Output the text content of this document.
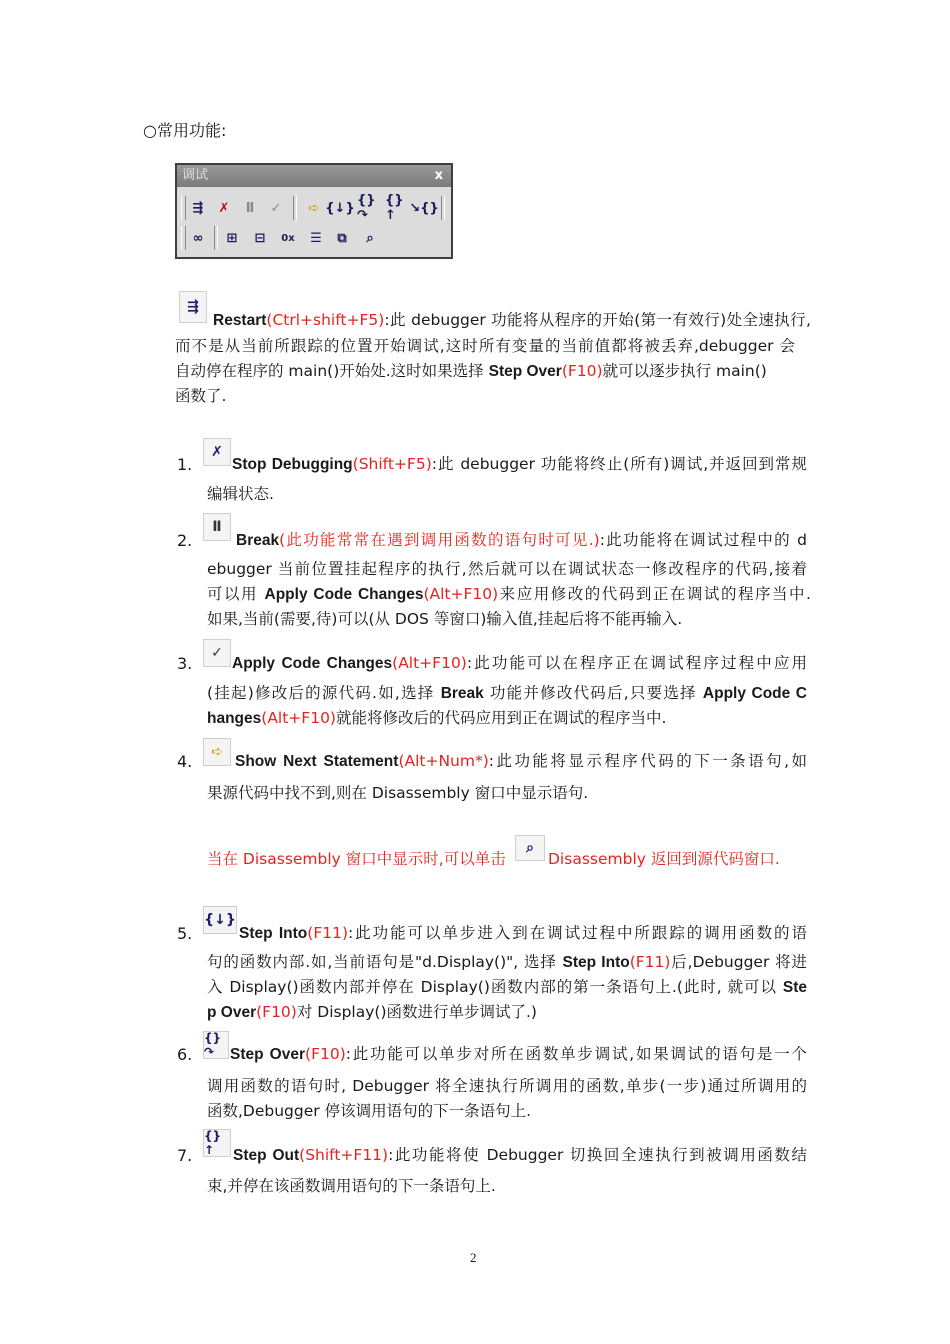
○常用功能:
调试	x
⇶	✗	Ⅱ	✓	➪ {↓} {}↷
{}↑	↘{}
∞	⊞	⊟	0x	☰	⧉	⌕
⇶
Restart(Ctrl+shift+F5):此 debugger 功能将从程序的开始(第一有效行)处全速执行,
而不是从当前所跟踪的位置开始调试,这时所有变量的当前值都将被丢弃,debugger 会
自动停在程序的 main()开始处.这时如果选择 Step Over(F10)就可以逐步执行 main()
函数了.
1.
✗
Stop Debugging(Shift+F5):此 debugger 功能将终止(所有)调试,并返回到常规
编辑状态.
2.
Ⅱ
Break(此功能常常在遇到调用函数的语句时可见.):此功能将在调试过程中的 d
ebugger 当前位置挂起程序的执行,然后就可以在调试状态一修改程序的代码,接着
可以用 Apply Code Changes(Alt+F10)来应用修改的代码到正在调试的程序当中.
如果,当前(需要,待)可以(从 DOS 等窗口)输入值,挂起后将不能再输入.
3.
✓
Apply Code Changes(Alt+F10):此功能可以在程序正在调试程序过程中应用
(挂起)修改后的源代码.如,选择 Break 功能并修改代码后,只要选择 Apply Code C
hanges(Alt+F10)就能将修改后的代码应用到正在调试的程序当中.
4.	➪
Show Next Statement(Alt+Num*):此功能将显示程序代码的下一条语句,如
果源代码中找不到,则在 Disassembly 窗口中显示语句.
当在 Disassembly 窗口中显示时,可以单击
⌕
Disassembly 返回到源代码窗口.
5.
{↓}
Step Into(F11):此功能可以单步进入到在调试过程中所跟踪的调用函数的语
句的函数内部.如,当前语句是"d.Display()", 选择 Step Into(F11)后,Debugger 将进
入 Display()函数内部并停在 Display()函数内部的第一条语句上.(此时, 就可以 Ste
p Over(F10)对 Display()函数进行单步调试了.)
6.
{}↷	Step Over(F10):此功能可以单步对所在函数单步调试,如果调试的语句是一个
调用函数的语句时, Debugger 将全速执行所调用的函数,单步(一步)通过所调用的
函数,Debugger 停该调用语句的下一条语句上.
7.
{}↑	Step Out(Shift+F11):此功能将使 Debugger 切换回全速执行到被调用函数结
束,并停在该函数调用语句的下一条语句上.
2
